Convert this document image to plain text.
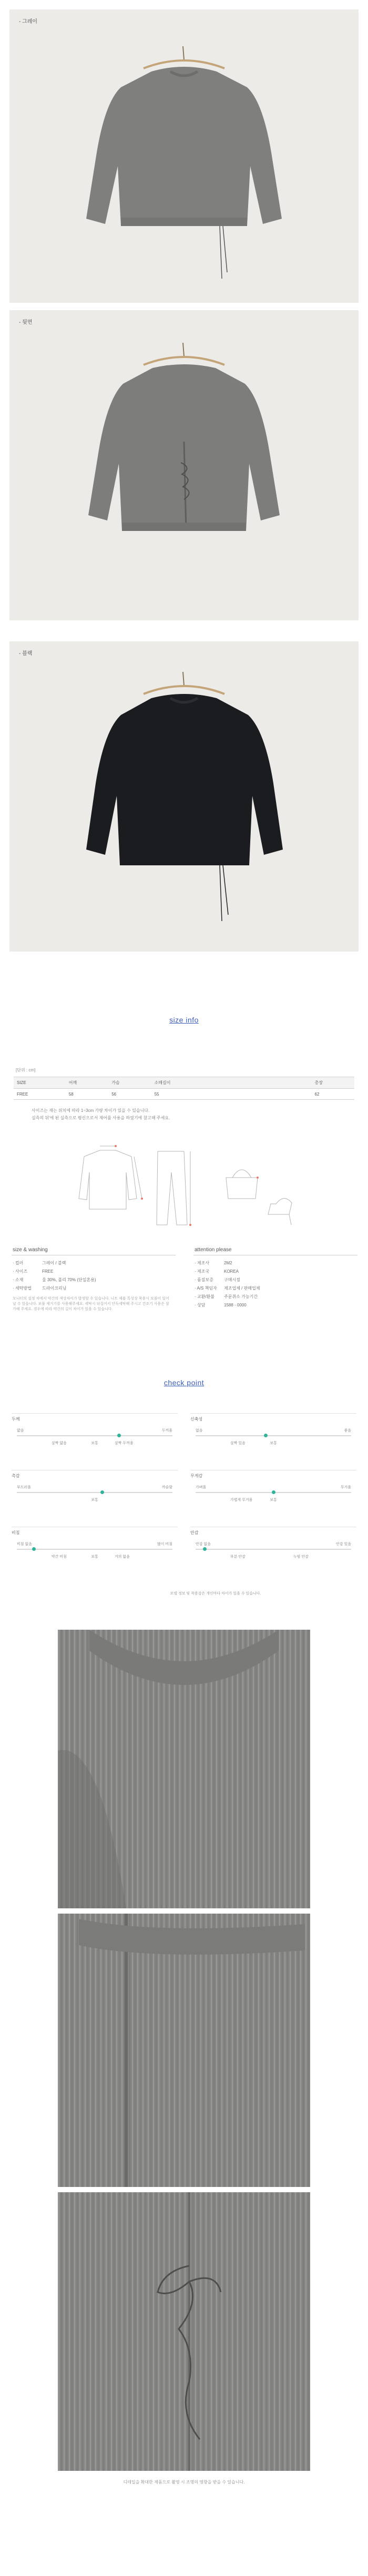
- 그레이
- 뒷면
- 블랙
size info
[단위 : cm]
SIZE	어깨	가슴	소매길이						총장
FREE	58	56	55						62
사이즈는 재는 위치에 따라 1~3cm 가량 차이가 있을 수 있습니다.
실측의 뒤'에 된 실측으로 평신으로서 재어를 사용을 하였기에 참고해 주세요.
size & washing
· 컬러	그레이 / 블랙
· 사이즈	FREE
· 소재	울 30%, 폴리 70% (단일혼용)
· 세탁방법	드라이크리닝
모니터의 설정 차에서 약간의 색상차이가 발생할 수 있습니다. 니트 제품 특성상 착용시 보풀이 일어날 수 있습니다. 보풀 제거기를 사용해주세요. 세탁시 뒤집어서 단독세탁해 주시고 건조기 사용은 삼가해 주세요. 경우에 따라 약간의 길이 차이가 있을 수 있습니다.
attention please
· 제조사	2M2
· 제조국	KOREA
· 품질보증	구매시점
· A/S 책임자 제조업체 / 판매업체
· 교환/환불 주문취소 가능기간
· 상담	1588 - 0000
check point
두께
얇음	두꺼움
보통
살짝 얇음	살짝 두꺼움
신축성
없음	좋음
보통
살짝 있음
촉감
부드러움	까슬함
보통
무게감
가벼움	무거움
보통
가볍게 무거움
비침
비침 없음	많이 비침
보통
약간 비침	거의 없음
안감
안감 없음	안감 있음
부분 안감	누빔 안감
모델 정보 및 착용감은 개인마다 차이가 있을 수 있습니다.
디테일을 확대한 제품으로 촬영 시 조명의 영향을 받을 수 있습니다.
